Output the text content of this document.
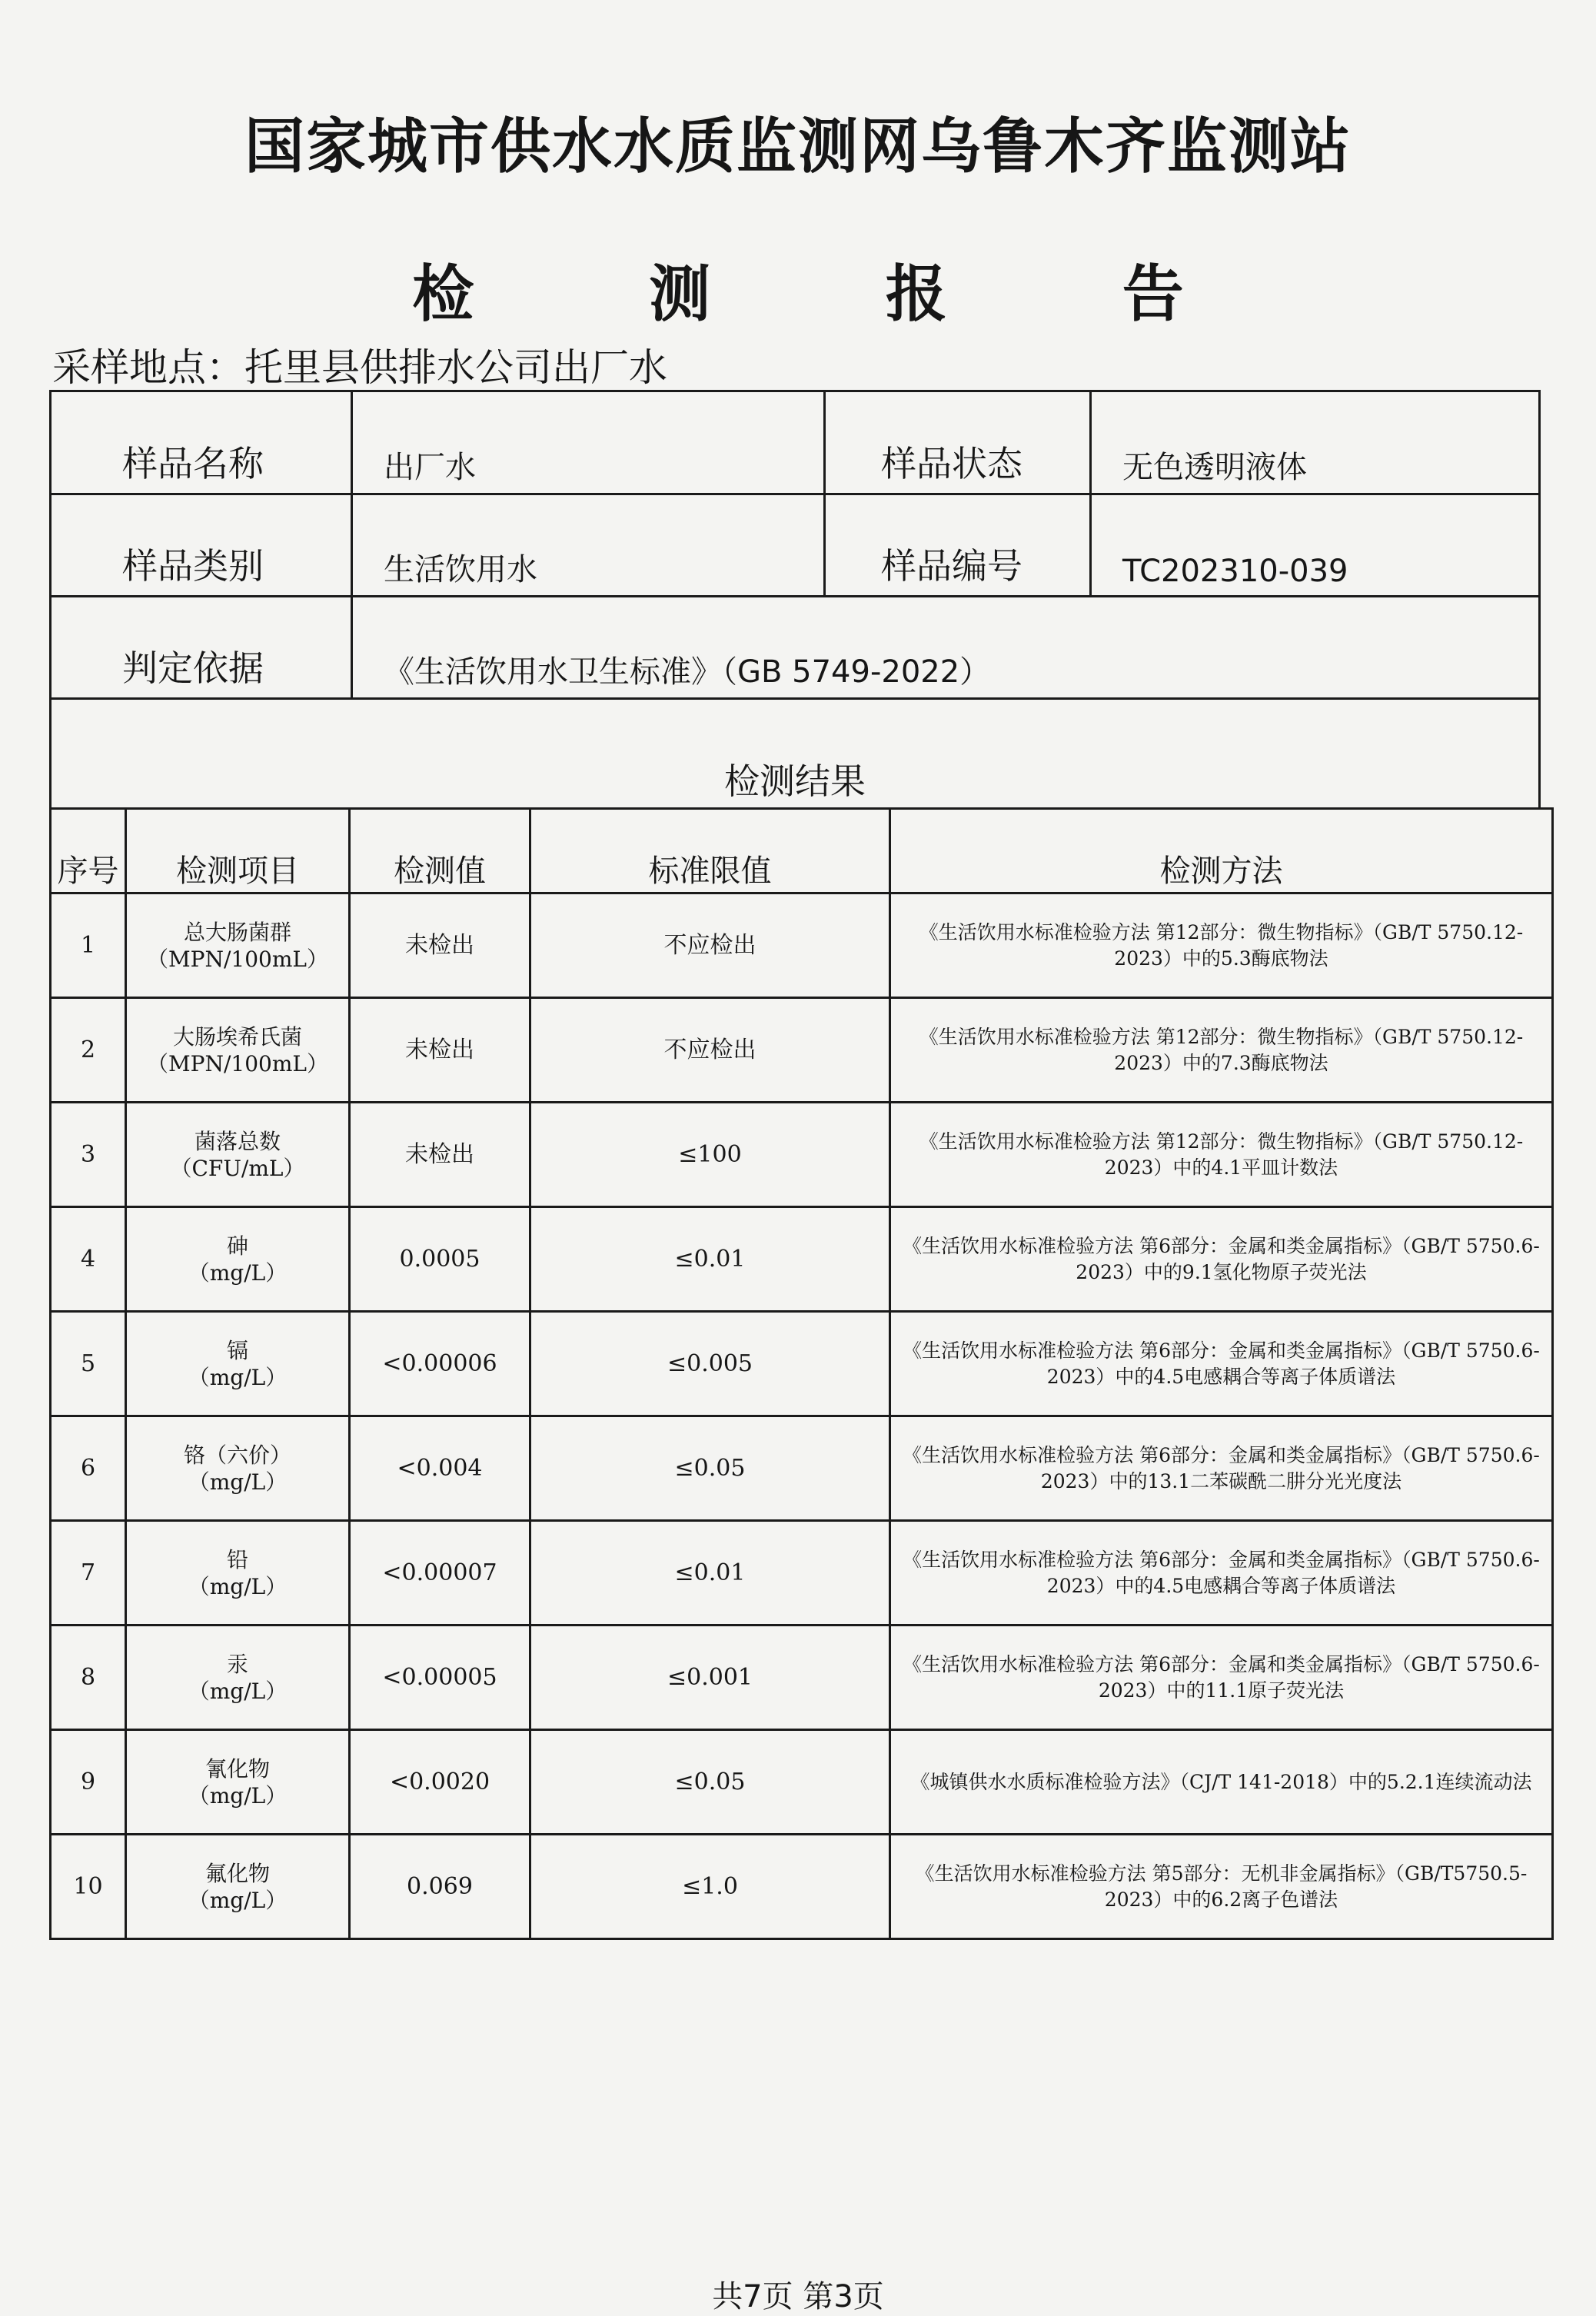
国家城市供水水质监测网乌鲁木齐监测站
检 测 报 告
采样地点：托里县供排水公司出厂水
样品名称	出厂水	样品状态	无色透明液体
样品类别	生活饮用水	样品编号	TC202310-039
判定依据	《生活饮用水卫生标准》（GB 5749-2022）		
检测结果			
序号	检测项目	检测值	标准限值	检测方法
1	总大肠菌群
（MPN/100mL）	未检出	不应检出	《生活饮用水标准检验方法 第12部分：微生物指标》（GB/T 5750.12-2023）中的5.3酶底物法
2	大肠埃希氏菌
（MPN/100mL）	未检出	不应检出	《生活饮用水标准检验方法 第12部分：微生物指标》（GB/T 5750.12-2023）中的7.3酶底物法
3	菌落总数
（CFU/mL）	未检出	≤100	《生活饮用水标准检验方法 第12部分：微生物指标》（GB/T 5750.12-2023）中的4.1平皿计数法
4	砷
（mg/L）	0.0005	≤0.01	《生活饮用水标准检验方法 第6部分：金属和类金属指标》（GB/T 5750.6-2023）中的9.1氢化物原子荧光法
5	镉
（mg/L）	<0.00006	≤0.005	《生活饮用水标准检验方法 第6部分：金属和类金属指标》（GB/T 5750.6-2023）中的4.5电感耦合等离子体质谱法
6	铬（六价）
（mg/L）	<0.004	≤0.05	《生活饮用水标准检验方法 第6部分：金属和类金属指标》（GB/T 5750.6-2023）中的13.1二苯碳酰二肼分光光度法
7	铅
（mg/L）	<0.00007	≤0.01	《生活饮用水标准检验方法 第6部分：金属和类金属指标》（GB/T 5750.6-2023）中的4.5电感耦合等离子体质谱法
8	汞
（mg/L）	<0.00005	≤0.001	《生活饮用水标准检验方法 第6部分：金属和类金属指标》（GB/T 5750.6-2023）中的11.1原子荧光法
9	氰化物
（mg/L）	<0.0020	≤0.05	《城镇供水水质标准检验方法》（CJ/T 141-2018）中的5.2.1连续流动法
10	氟化物
（mg/L）	0.069	≤1.0	《生活饮用水标准检验方法 第5部分：无机非金属指标》（GB/T5750.5-2023）中的6.2离子色谱法
共7页 第3页
